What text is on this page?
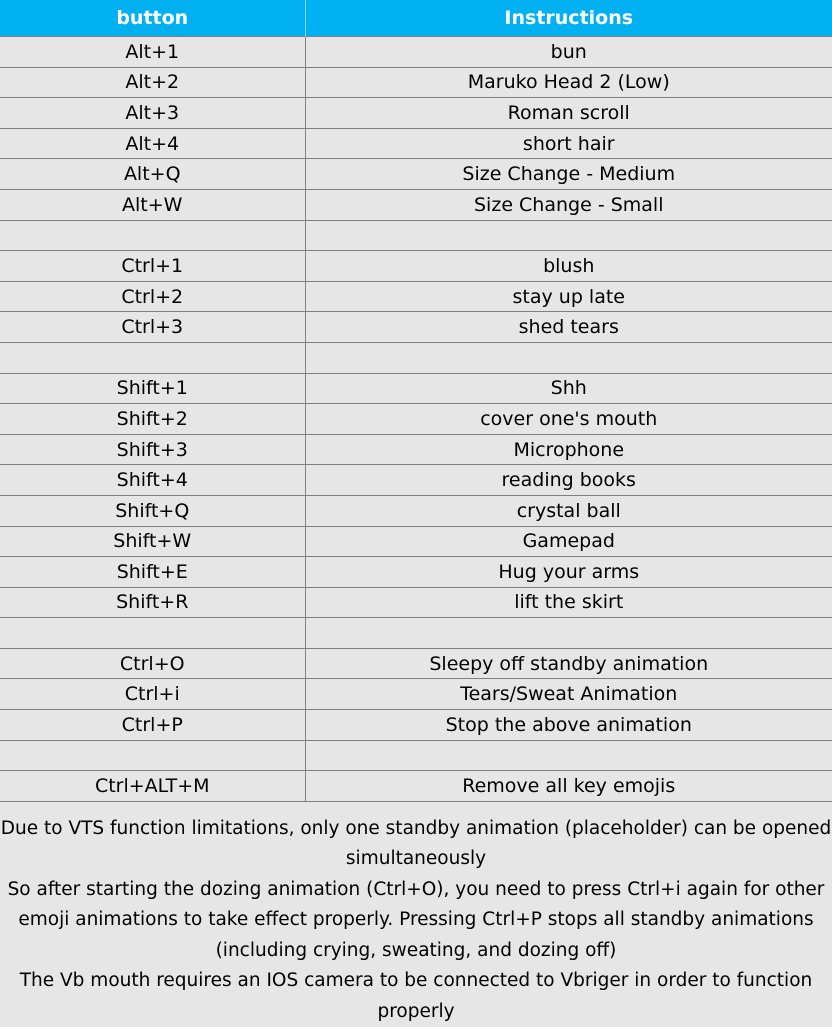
button	Instructions
Alt+1	bun
Alt+2	Maruko Head 2 (Low)
Alt+3	Roman scroll
Alt+4	short hair
Alt+Q	Size Change - Medium
Alt+W	Size Change - Small

Ctrl+1	blush
Ctrl+2	stay up late
Ctrl+3	shed tears

Shift+1	Shh
Shift+2	cover one's mouth
Shift+3	Microphone
Shift+4	reading books
Shift+Q	crystal ball
Shift+W	Gamepad
Shift+E	Hug your arms
Shift+R	lift the skirt

Ctrl+O	Sleepy off standby animation
Ctrl+i	Tears/Sweat Animation
Ctrl+P	Stop the above animation

Ctrl+ALT+M	Remove all key emojis

Due to VTS function limitations, only one standby animation (placeholder) can be opened simultaneously

So after starting the dozing animation (Ctrl+O), you need to press Ctrl+i again for other emoji animations to take effect properly. Pressing Ctrl+P stops all standby animations (including crying, sweating, and dozing off)

The Vb mouth requires an IOS camera to be connected to Vbriger in order to function properly
